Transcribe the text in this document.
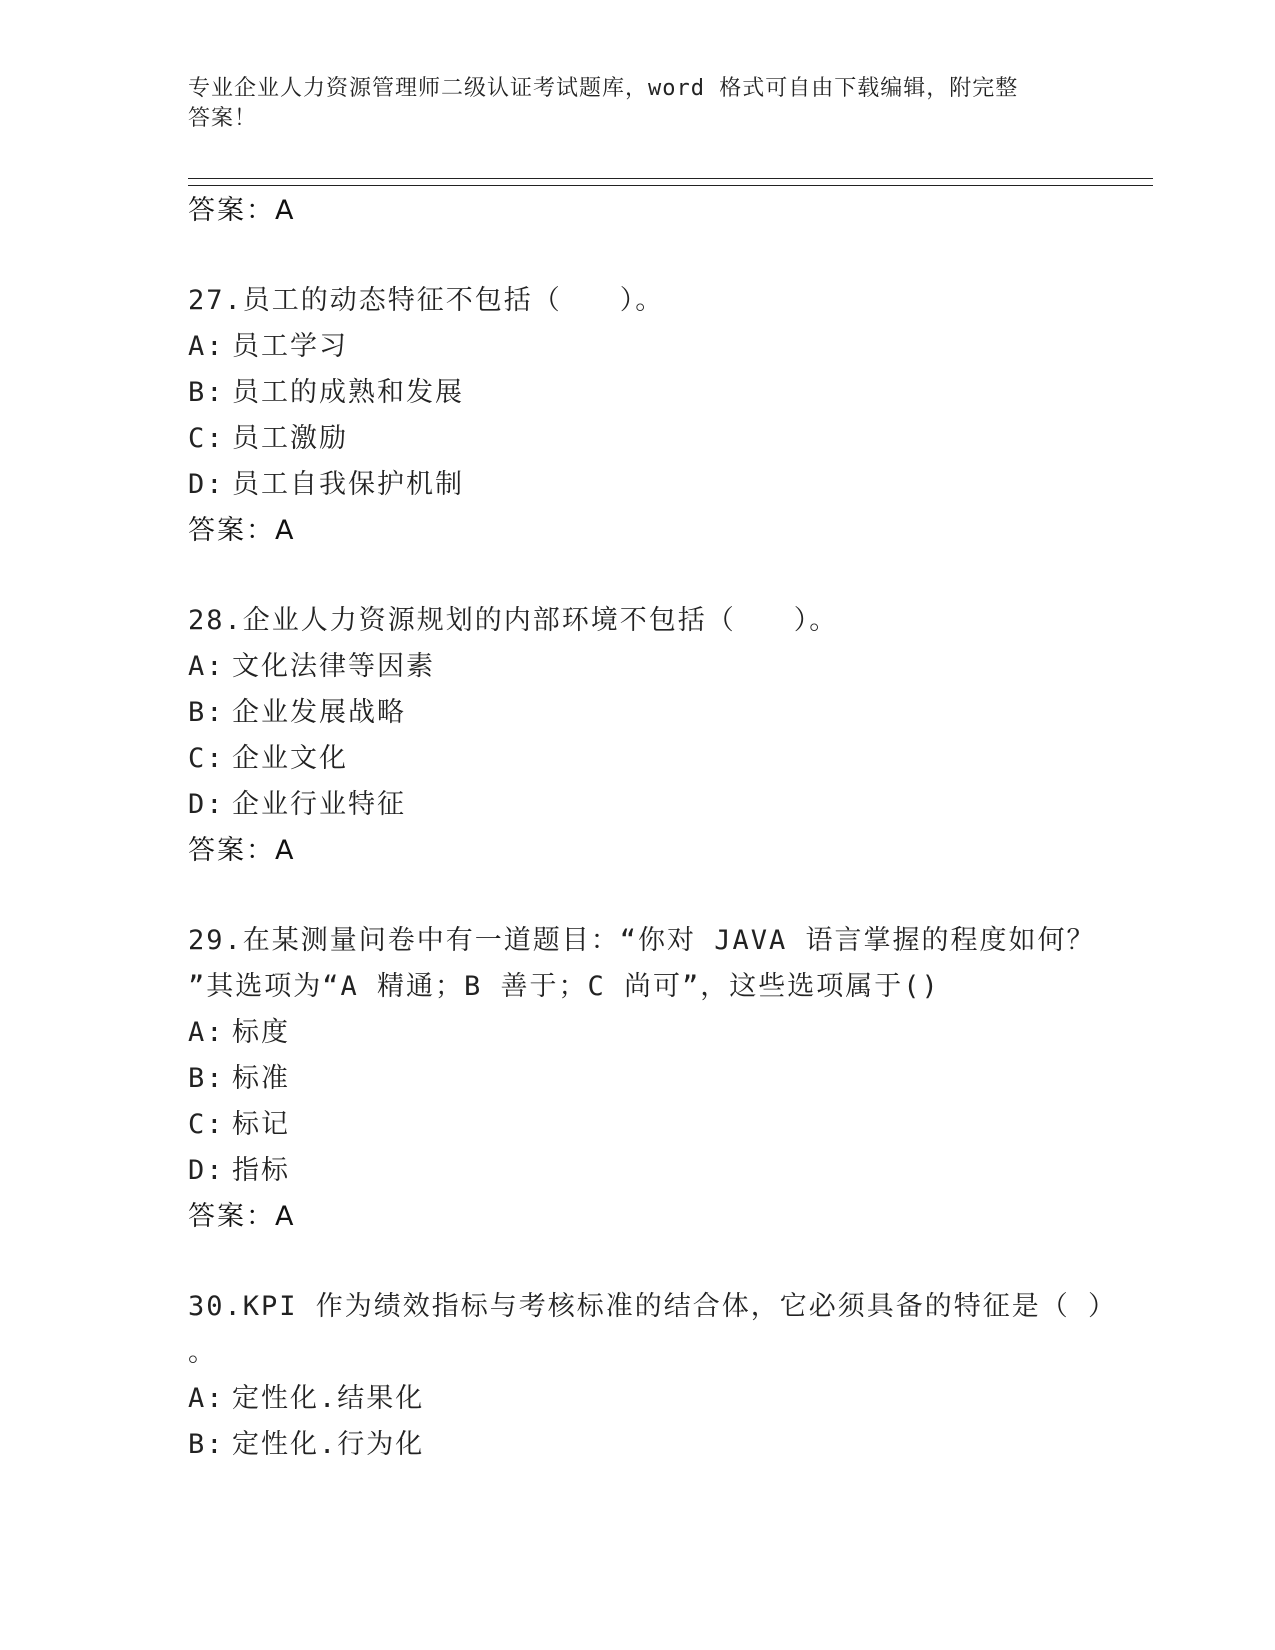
专业企业人力资源管理师二级认证考试题库，word 格式可自由下载编辑，附完整
答案！
答案：A
27.员工的动态特征不包括（　　）。
A: 员工学习
B: 员工的成熟和发展
C: 员工激励
D: 员工自我保护机制
答案：A
28.企业人力资源规划的内部环境不包括（　　）。
A: 文化法律等因素
B: 企业发展战略
C: 企业文化
D: 企业行业特征
答案：A
29.在某测量问卷中有一道题目：“你对 JAVA 语言掌握的程度如何？
”其选项为“A 精通；B 善于；C 尚可”，这些选项属于()
A: 标度
B: 标准
C: 标记
D: 指标
答案：A
30.KPI 作为绩效指标与考核标准的结合体，它必须具备的特征是（ ）
。
A: 定性化.结果化
B: 定性化.行为化
